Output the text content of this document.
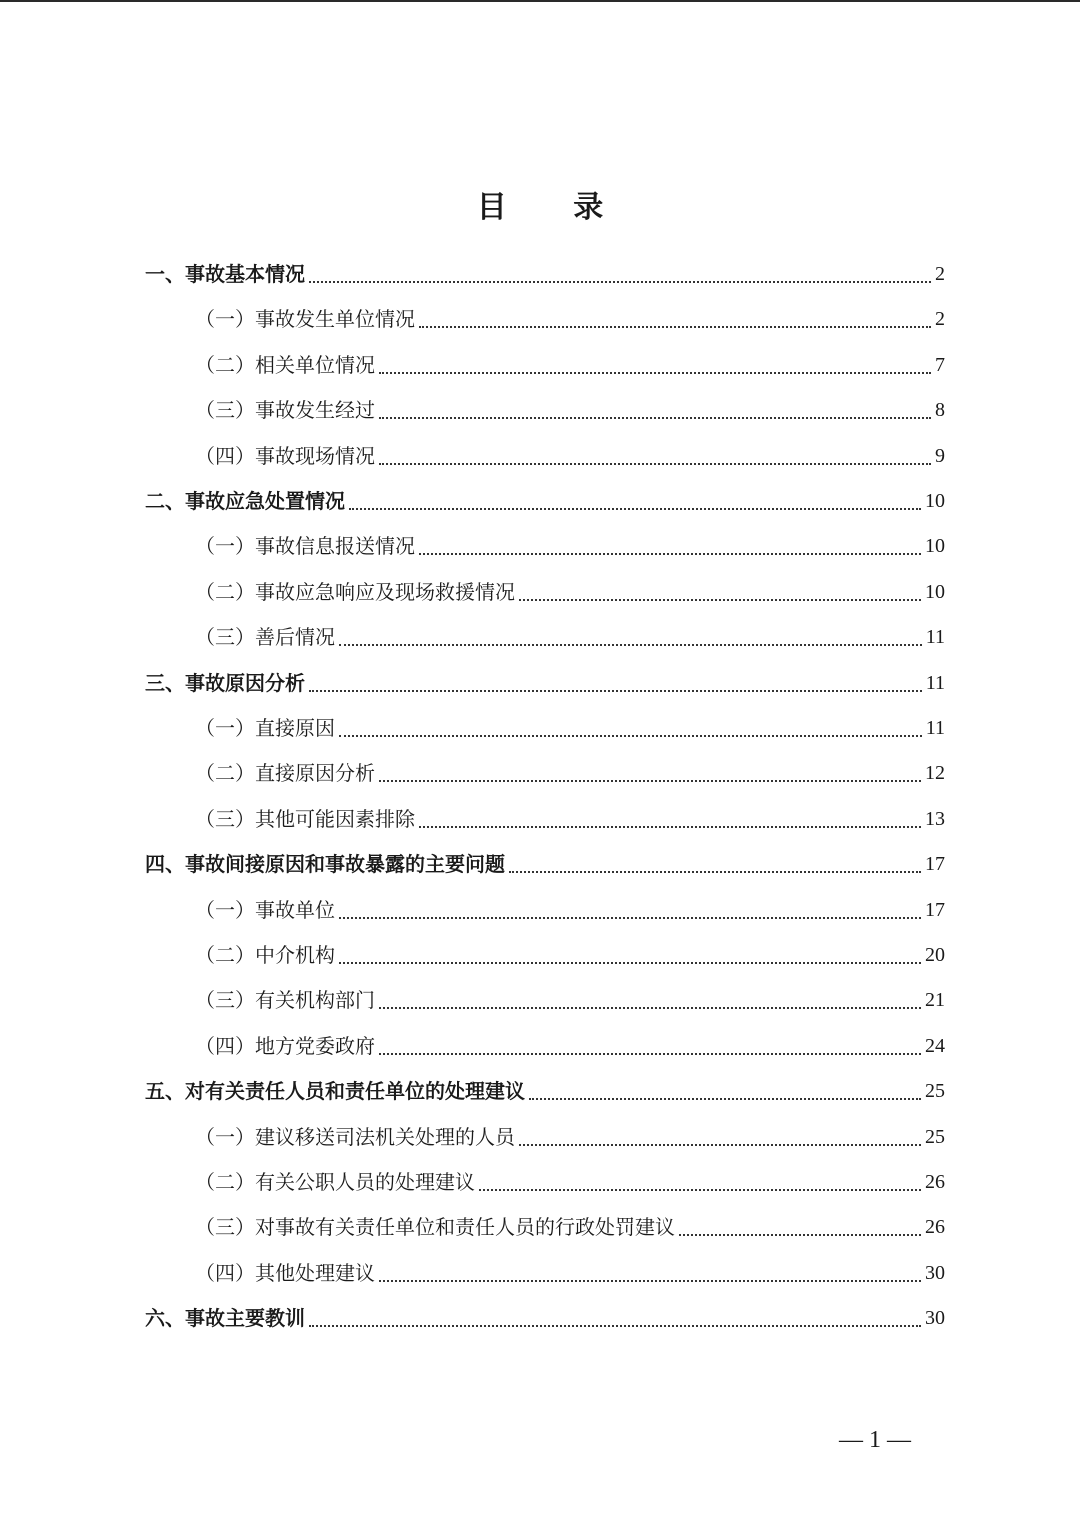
目 录
一、事故基本情况	2
（一）事故发生单位情况	2
（二）相关单位情况	7
（三）事故发生经过	8
（四）事故现场情况	9
二、事故应急处置情况	10
（一）事故信息报送情况	10
（二）事故应急响应及现场救援情况	10
（三）善后情况	11
三、事故原因分析	11
（一）直接原因	11
（二）直接原因分析	12
（三）其他可能因素排除	13
四、事故间接原因和事故暴露的主要问题	17
（一）事故单位	17
（二）中介机构	20
（三）有关机构部门	21
（四）地方党委政府	24
五、对有关责任人员和责任单位的处理建议	25
（一）建议移送司法机关处理的人员	25
（二）有关公职人员的处理建议	26
（三）对事故有关责任单位和责任人员的行政处罚建议	26
（四）其他处理建议	30
六、事故主要教训	30
— 1 —
